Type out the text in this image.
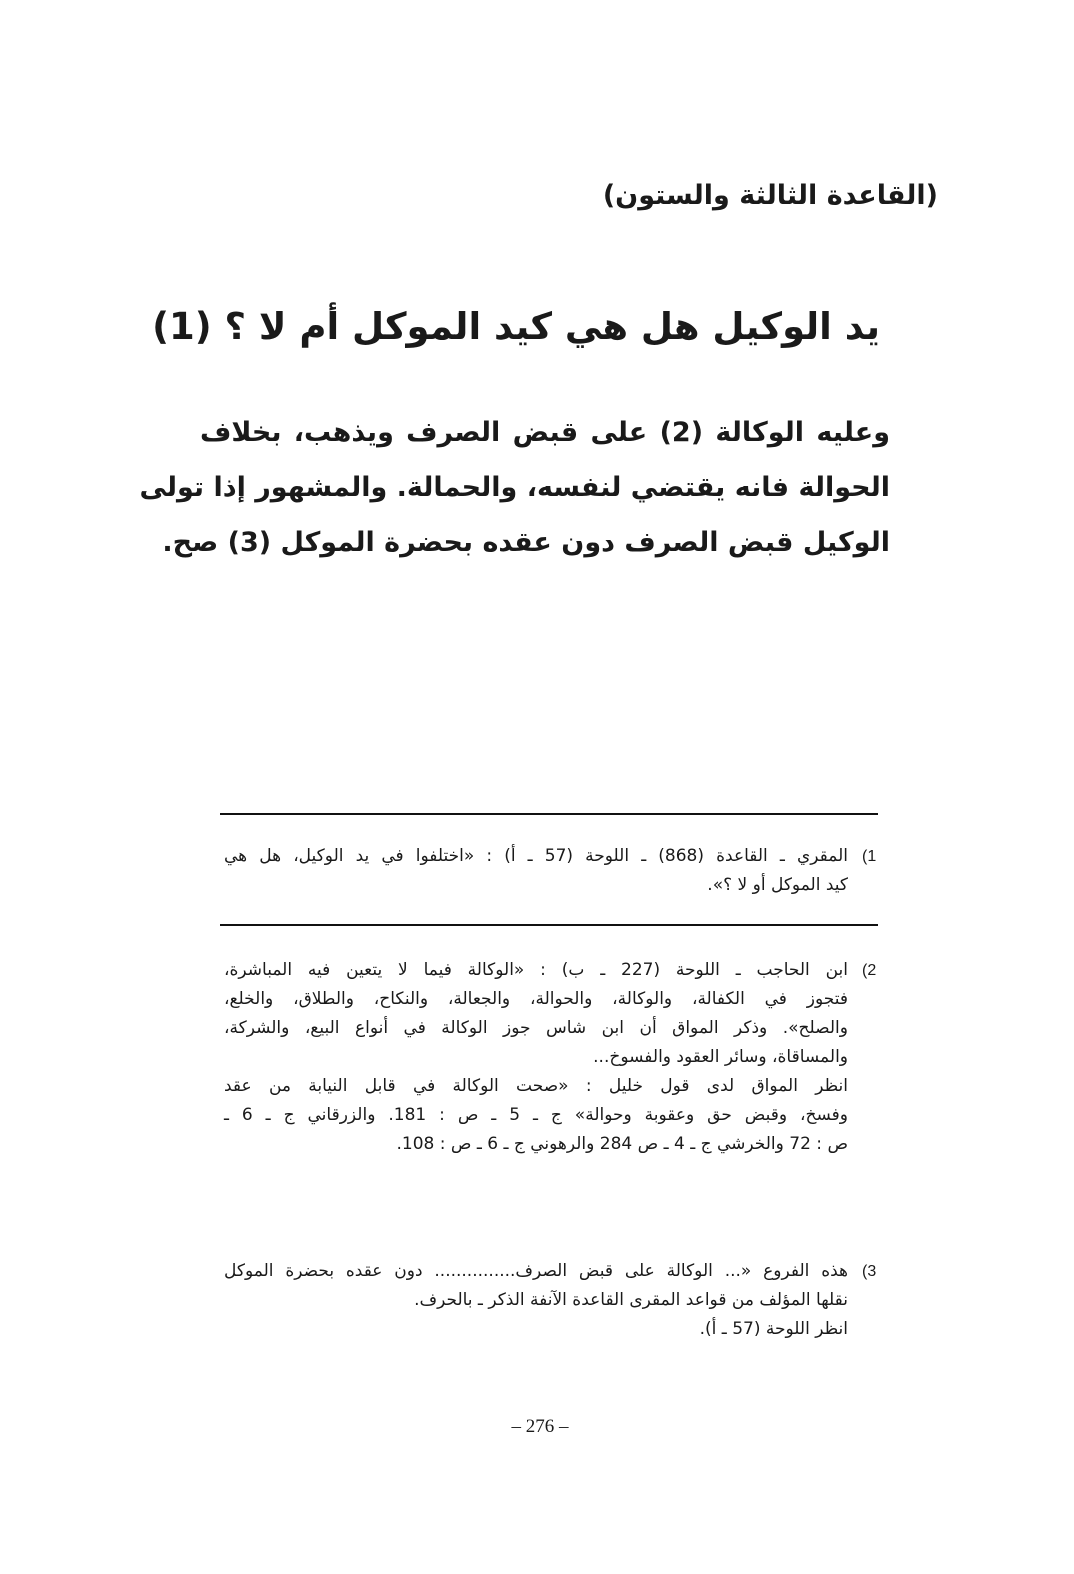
(القاعدة الثالثة والستون)
يد الوكيل هل هي كيد الموكل أم لا ؟ (1)
وعليه الوكالة (2) على قبض الصرف ويذهب، بخلاف
الحوالة فانه يقتضي لنفسه، والحمالة. والمشهور إذا تولى
الوكيل قبض الصرف دون عقده بحضرة الموكل (3) صح.
(1
المقري ـ القاعدة (868) ـ اللوحة (57 ـ أ) : «اختلفوا في يد الوكيل، هل هي
كيد الموكل أو لا ؟».
(2
ابن الحاجب ـ اللوحة (227 ـ ب) : «الوكالة فيما لا يتعين فيه المباشرة،
فتجوز في الكفالة، والوكالة، والحوالة، والجعالة، والنكاح، والطلاق، والخلع،
والصلح». وذكر المواق أن ابن شاس جوز الوكالة في أنواع البيع، والشركة،
والمساقاة، وسائر العقود والفسوخ...
انظر المواق لدى قول خليل : «صحت الوكالة في قابل النيابة من عقد
وفسخ، وقبض حق وعقوبة وحوالة» ج ـ 5 ـ ص : 181. والزرقاني ج ـ 6 ـ
ص : 72 والخرشي ج ـ 4 ـ ص 284 والرهوني ج ـ 6 ـ ص : 108.
(3
هذه الفروع «... الوكالة على قبض الصرف............... دون عقده بحضرة الموكل
نقلها المؤلف من قواعد المقرى القاعدة الآنفة الذكر ـ بالحرف.
انظر اللوحة (57 ـ أ).
– 276 –
